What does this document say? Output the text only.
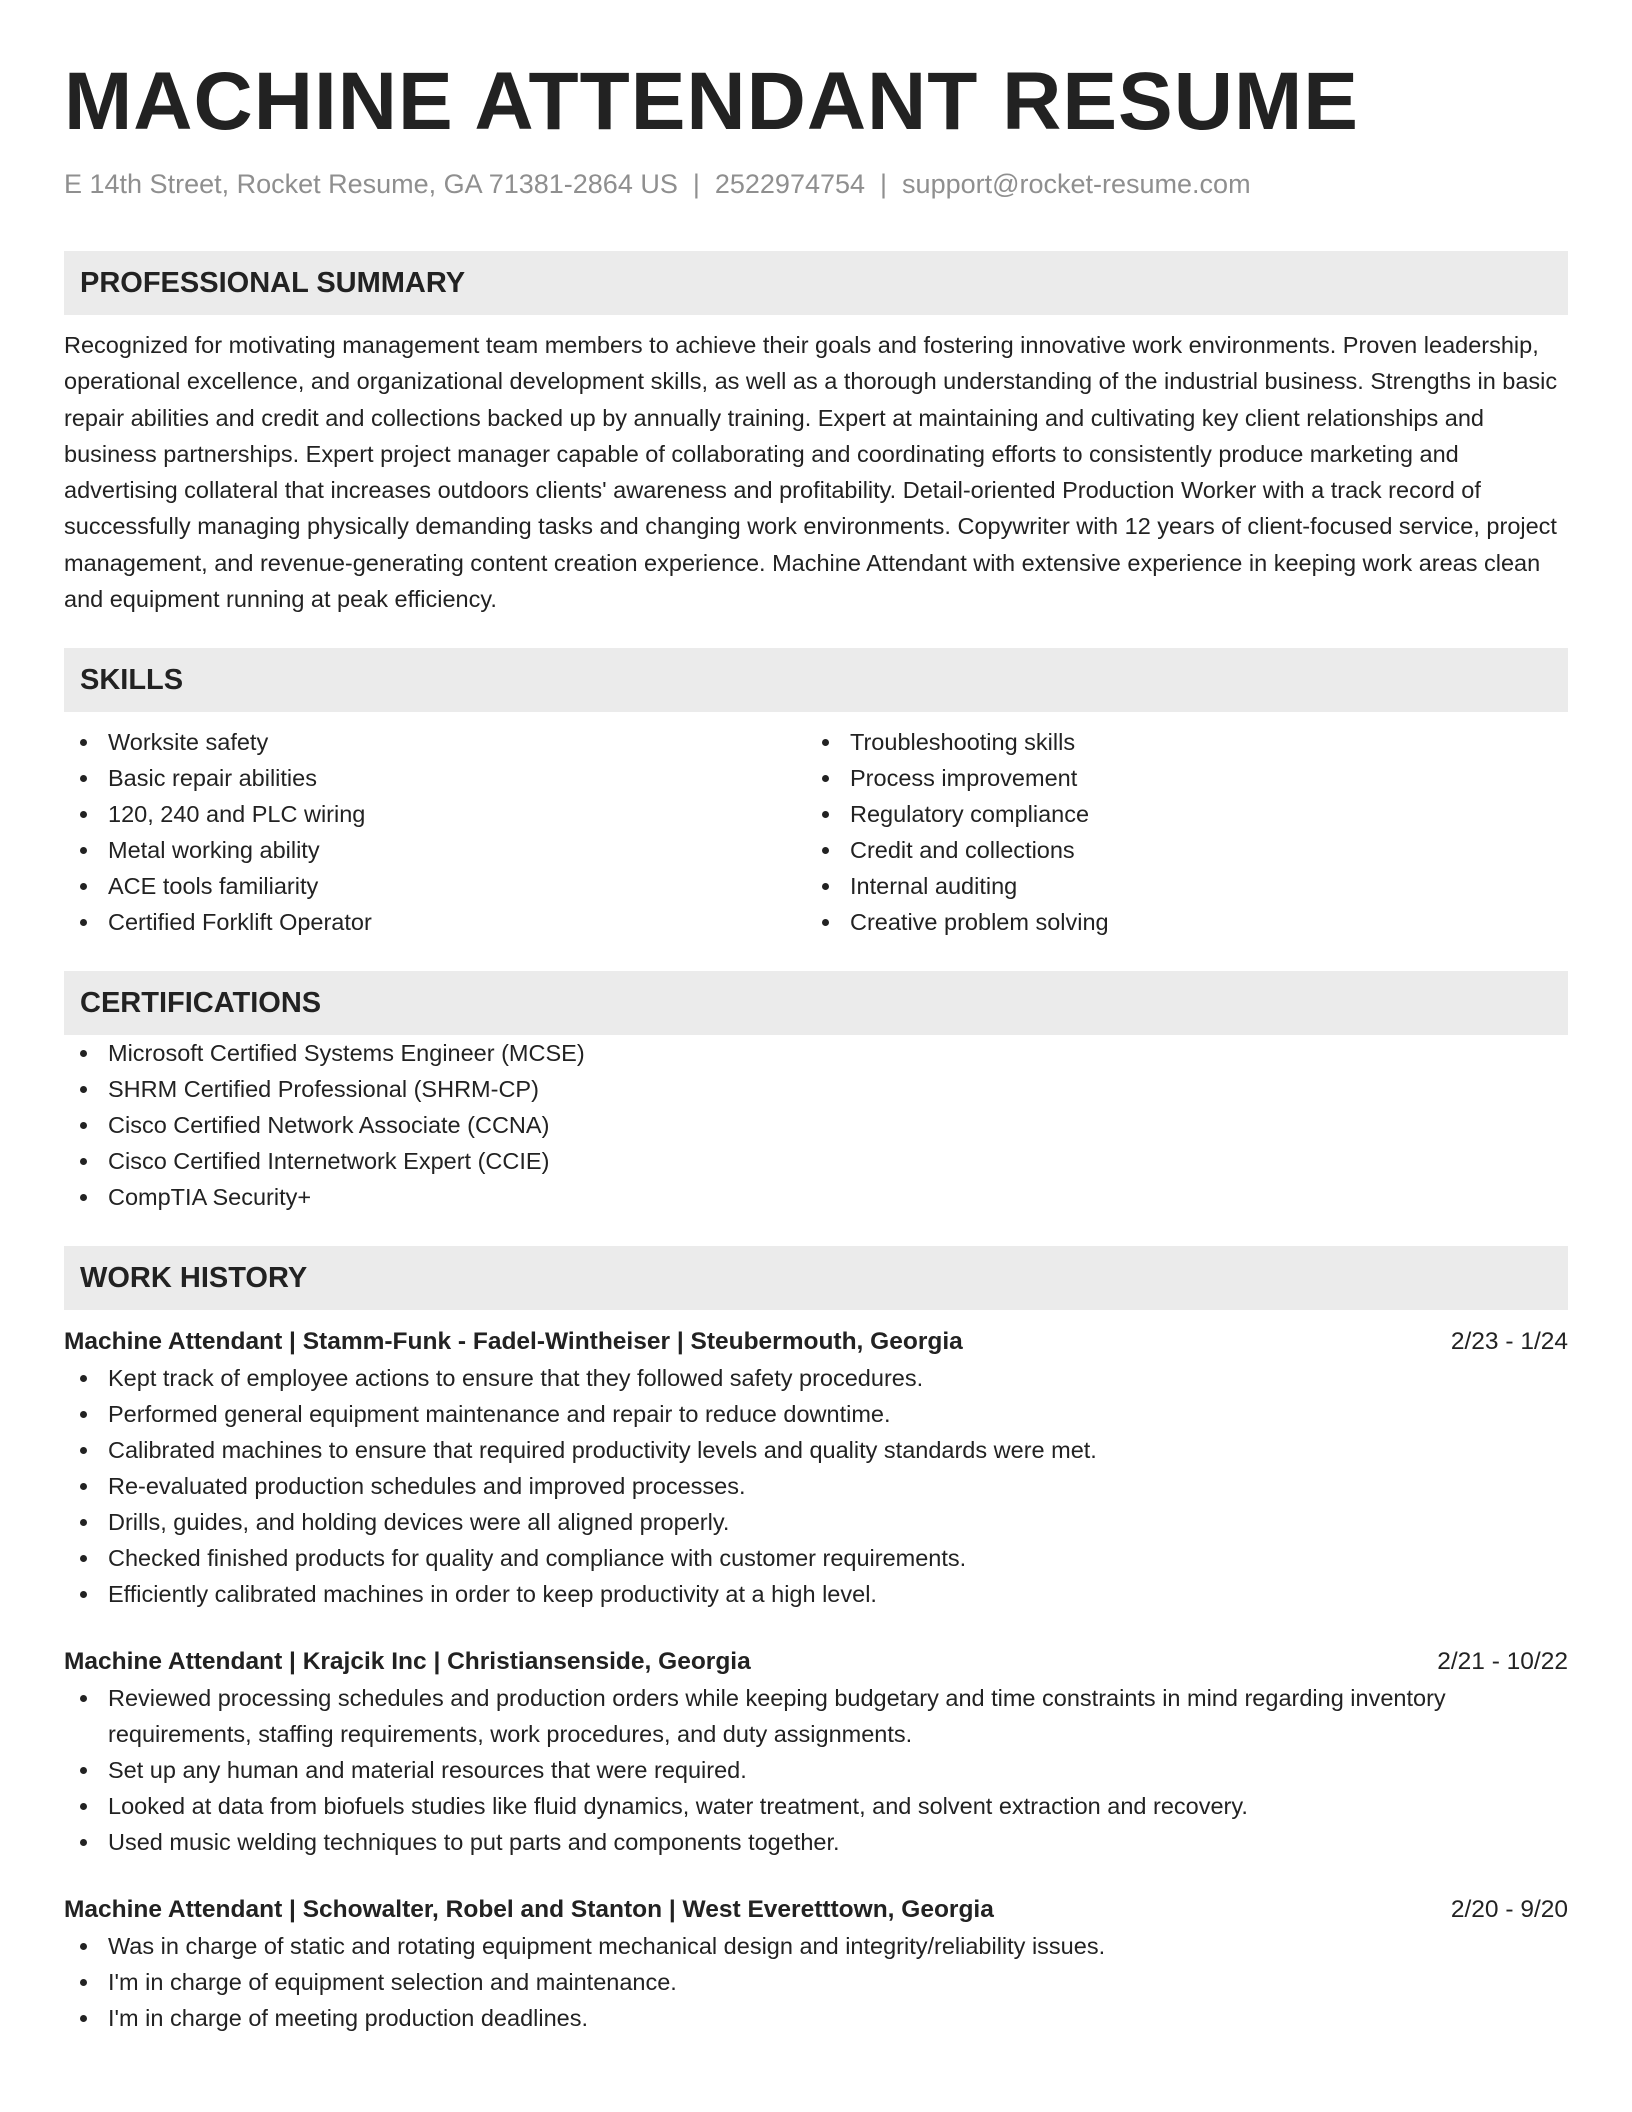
MACHINE ATTENDANT RESUME
E 14th Street, Rocket Resume, GA 71381-2864 US | 2522974754 | support@rocket-resume.com
PROFESSIONAL SUMMARY
Recognized for motivating management team members to achieve their goals and fostering innovative work environments. Proven leadership, operational excellence, and organizational development skills, as well as a thorough understanding of the industrial business. Strengths in basic repair abilities and credit and collections backed up by annually training. Expert at maintaining and cultivating key client relationships and business partnerships. Expert project manager capable of collaborating and coordinating efforts to consistently produce marketing and advertising collateral that increases outdoors clients' awareness and profitability. Detail-oriented Production Worker with a track record of successfully managing physically demanding tasks and changing work environments. Copywriter with 12 years of client-focused service, project management, and revenue-generating content creation experience. Machine Attendant with extensive experience in keeping work areas clean and equipment running at peak efficiency.
SKILLS
Worksite safety
Basic repair abilities
120, 240 and PLC wiring
Metal working ability
ACE tools familiarity
Certified Forklift Operator
Troubleshooting skills
Process improvement
Regulatory compliance
Credit and collections
Internal auditing
Creative problem solving
CERTIFICATIONS
Microsoft Certified Systems Engineer (MCSE)
SHRM Certified Professional (SHRM-CP)
Cisco Certified Network Associate (CCNA)
Cisco Certified Internetwork Expert (CCIE)
CompTIA Security+
WORK HISTORY
Machine Attendant | Stamm-Funk - Fadel-Wintheiser | Steubermouth, Georgia	2/23 - 1/24
Kept track of employee actions to ensure that they followed safety procedures.
Performed general equipment maintenance and repair to reduce downtime.
Calibrated machines to ensure that required productivity levels and quality standards were met.
Re-evaluated production schedules and improved processes.
Drills, guides, and holding devices were all aligned properly.
Checked finished products for quality and compliance with customer requirements.
Efficiently calibrated machines in order to keep productivity at a high level.
Machine Attendant | Krajcik Inc | Christiansenside, Georgia	2/21 - 10/22
Reviewed processing schedules and production orders while keeping budgetary and time constraints in mind regarding inventory requirements, staffing requirements, work procedures, and duty assignments.
Set up any human and material resources that were required.
Looked at data from biofuels studies like fluid dynamics, water treatment, and solvent extraction and recovery.
Used music welding techniques to put parts and components together.
Machine Attendant | Schowalter, Robel and Stanton | West Everetttown, Georgia	2/20 - 9/20
Was in charge of static and rotating equipment mechanical design and integrity/reliability issues.
I'm in charge of equipment selection and maintenance.
I'm in charge of meeting production deadlines.
